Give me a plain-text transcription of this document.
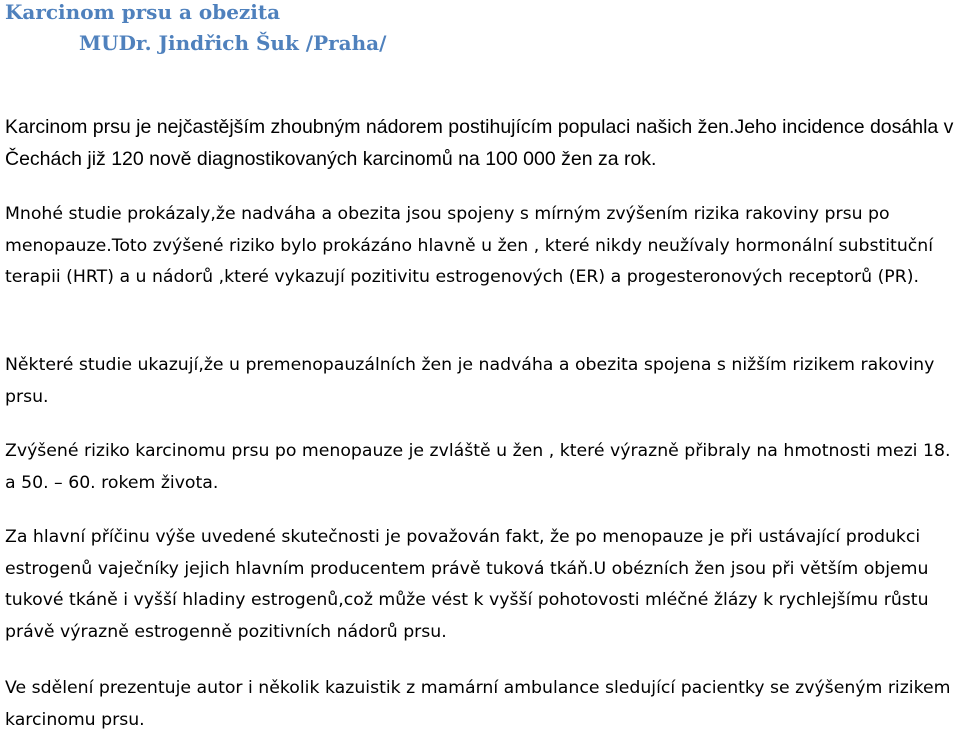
Karcinom prsu a obezita
MUDr. Jindřich Šuk /Praha/

Karcinom prsu je nejčastějším zhoubným nádorem postihujícím populaci našich žen.Jeho incidence dosáhla v Čechách již 120 nově diagnostikovaných karcinomů na 100 000 žen za rok.

Mnohé studie prokázaly,že nadváha a obezita jsou spojeny s mírným zvýšením rizika rakoviny prsu po menopauze.Toto zvýšené riziko bylo prokázáno hlavně u žen , které nikdy neužívaly hormonální substituční terapii (HRT) a u nádorů ,které vykazují pozitivitu estrogenových (ER) a progesteronových receptorů (PR).

Některé studie ukazují,že u premenopauzálních žen je nadváha a obezita spojena s nižším rizikem rakoviny prsu.

Zvýšené riziko karcinomu prsu po menopauze je zvláště u žen , které výrazně přibraly na hmotnosti mezi 18. a 50. – 60. rokem života.

Za hlavní příčinu výše uvedené skutečnosti je považován fakt, že po menopauze je při ustávající produkci estrogenů vaječníky jejich hlavním producentem právě tuková tkáň.U obézních žen jsou při větším objemu tukové tkáně i vyšší hladiny estrogenů,což může vést k vyšší pohotovosti mléčné žlázy k rychlejšímu růstu právě výrazně estrogenně pozitivních nádorů prsu.

Ve sdělení prezentuje autor i několik kazuistik z mamární ambulance sledující pacientky se zvýšeným rizikem karcinomu prsu.
